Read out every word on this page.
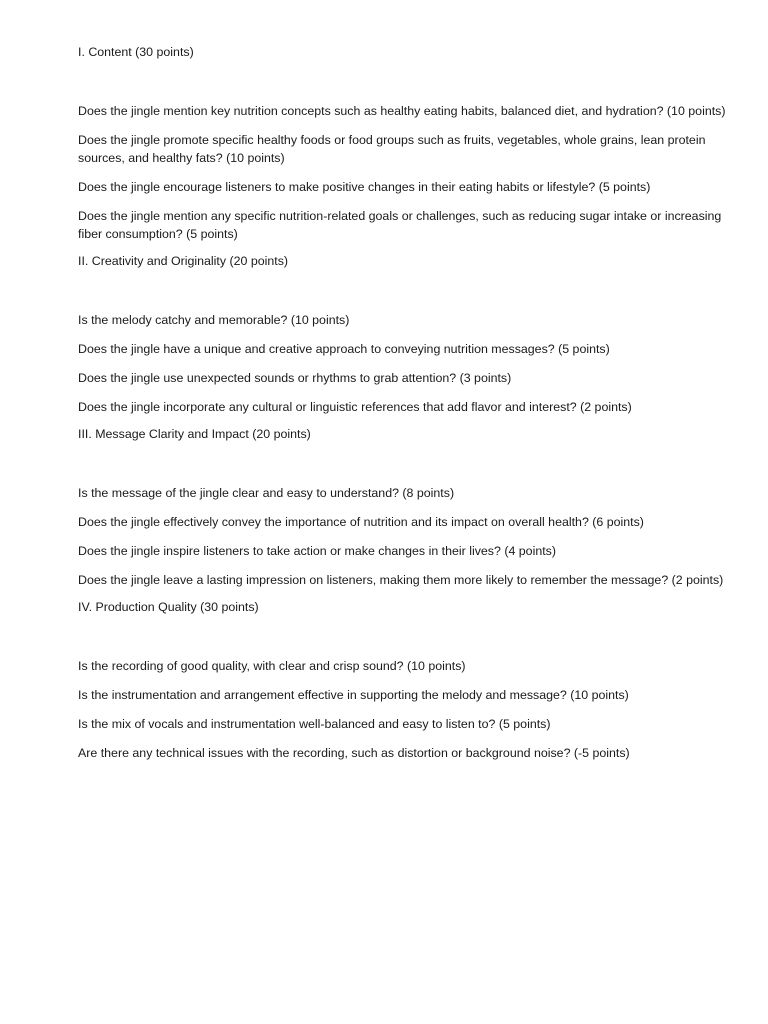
I. Content (30 points)

Does the jingle mention key nutrition concepts such as healthy eating habits, balanced diet, and hydration? (10 points)
Does the jingle promote specific healthy foods or food groups such as fruits, vegetables, whole grains, lean protein sources, and healthy fats? (10 points)
Does the jingle encourage listeners to make positive changes in their eating habits or lifestyle? (5 points)
Does the jingle mention any specific nutrition-related goals or challenges, such as reducing sugar intake or increasing fiber consumption? (5 points)

II. Creativity and Originality (20 points)

Is the melody catchy and memorable? (10 points)
Does the jingle have a unique and creative approach to conveying nutrition messages? (5 points)
Does the jingle use unexpected sounds or rhythms to grab attention? (3 points)
Does the jingle incorporate any cultural or linguistic references that add flavor and interest? (2 points)

III. Message Clarity and Impact (20 points)

Is the message of the jingle clear and easy to understand? (8 points)
Does the jingle effectively convey the importance of nutrition and its impact on overall health? (6 points)
Does the jingle inspire listeners to take action or make changes in their lives? (4 points)
Does the jingle leave a lasting impression on listeners, making them more likely to remember the message? (2 points)

IV. Production Quality (30 points)

Is the recording of good quality, with clear and crisp sound? (10 points)
Is the instrumentation and arrangement effective in supporting the melody and message? (10 points)
Is the mix of vocals and instrumentation well-balanced and easy to listen to? (5 points)
Are there any technical issues with the recording, such as distortion or background noise? (-5 points)
